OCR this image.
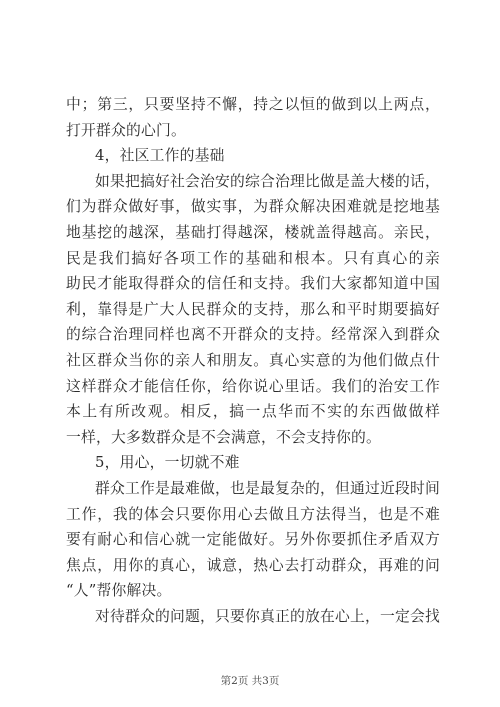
中；第三，只要坚持不懈，持之以恒的做到以上两点，
打开群众的心门。
4，社区工作的基础
如果把搞好社会治安的综合治理比做是盖大楼的话，
们为群众做好事，做实事，为群众解决困难就是挖地基
地基挖的越深，基础打得越深，楼就盖得越高。亲民，
民是我们搞好各项工作的基础和根本。只有真心的亲
助民才能取得群众的信任和支持。我们大家都知道中国
利，靠得是广大人民群众的支持，那么和平时期要搞好
的综合治理同样也离不开群众的支持。经常深入到群众
社区群众当你的亲人和朋友。真心实意的为他们做点什
这样群众才能信任你，给你说心里话。我们的治安工作
本上有所改观。相反，搞一点华而不实的东西做做样
一样，大多数群众是不会满意，不会支持你的。
5，用心，一切就不难
群众工作是最难做，也是最复杂的，但通过近段时间
工作，我的体会只要你用心去做且方法得当，也是不难
要有耐心和信心就一定能做好。另外你要抓住矛盾双方
焦点，用你的真心，诚意，热心去打动群众，再难的问
“人”帮你解决。
对待群众的问题，只要你真正的放在心上，一定会找
第2页 共3页
